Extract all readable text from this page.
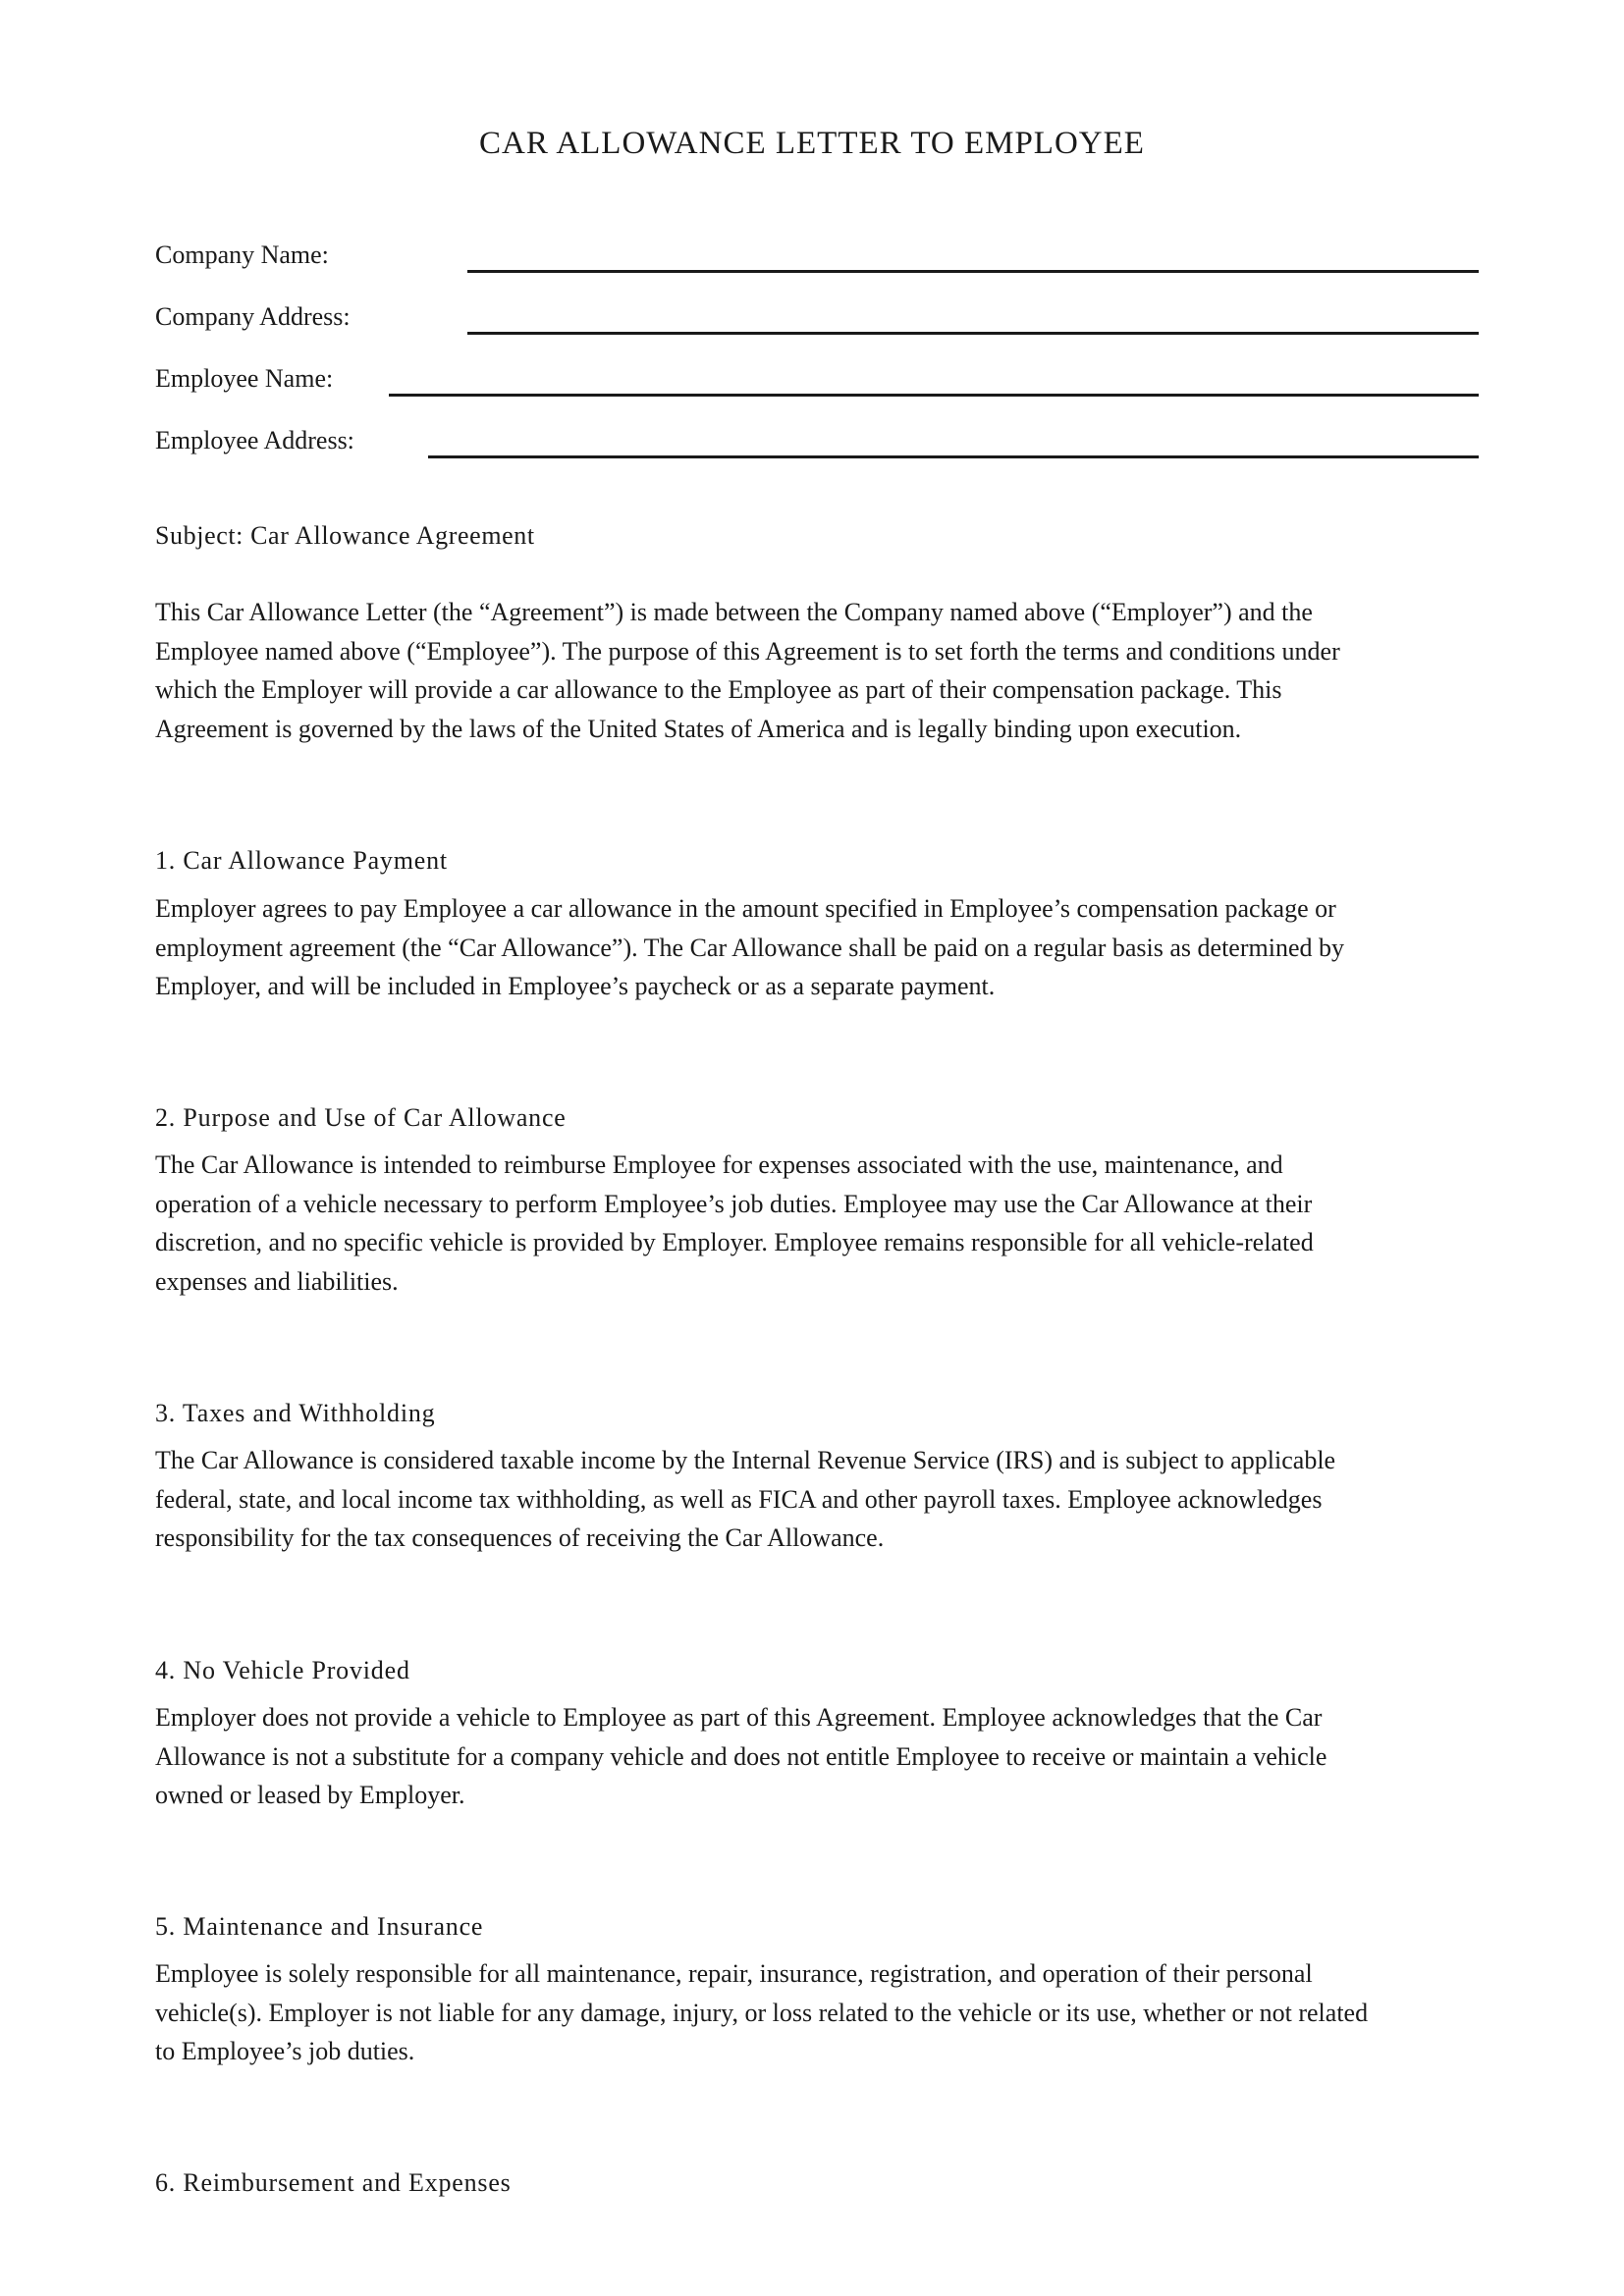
CAR ALLOWANCE LETTER TO EMPLOYEE
Company Name:
Company Address:
Employee Name:
Employee Address:
Subject: Car Allowance Agreement
This Car Allowance Letter (the “Agreement”) is made between the Company named above (“Employer”) and the
Employee named above (“Employee”). The purpose of this Agreement is to set forth the terms and conditions under
which the Employer will provide a car allowance to the Employee as part of their compensation package. This
Agreement is governed by the laws of the United States of America and is legally binding upon execution.
1. Car Allowance Payment
Employer agrees to pay Employee a car allowance in the amount specified in Employee’s compensation package or
employment agreement (the “Car Allowance”). The Car Allowance shall be paid on a regular basis as determined by
Employer, and will be included in Employee’s paycheck or as a separate payment.
2. Purpose and Use of Car Allowance
The Car Allowance is intended to reimburse Employee for expenses associated with the use, maintenance, and
operation of a vehicle necessary to perform Employee’s job duties. Employee may use the Car Allowance at their
discretion, and no specific vehicle is provided by Employer. Employee remains responsible for all vehicle-related
expenses and liabilities.
3. Taxes and Withholding
The Car Allowance is considered taxable income by the Internal Revenue Service (IRS) and is subject to applicable
federal, state, and local income tax withholding, as well as FICA and other payroll taxes. Employee acknowledges
responsibility for the tax consequences of receiving the Car Allowance.
4. No Vehicle Provided
Employer does not provide a vehicle to Employee as part of this Agreement. Employee acknowledges that the Car
Allowance is not a substitute for a company vehicle and does not entitle Employee to receive or maintain a vehicle
owned or leased by Employer.
5. Maintenance and Insurance
Employee is solely responsible for all maintenance, repair, insurance, registration, and operation of their personal
vehicle(s). Employer is not liable for any damage, injury, or loss related to the vehicle or its use, whether or not related
to Employee’s job duties.
6. Reimbursement and Expenses
